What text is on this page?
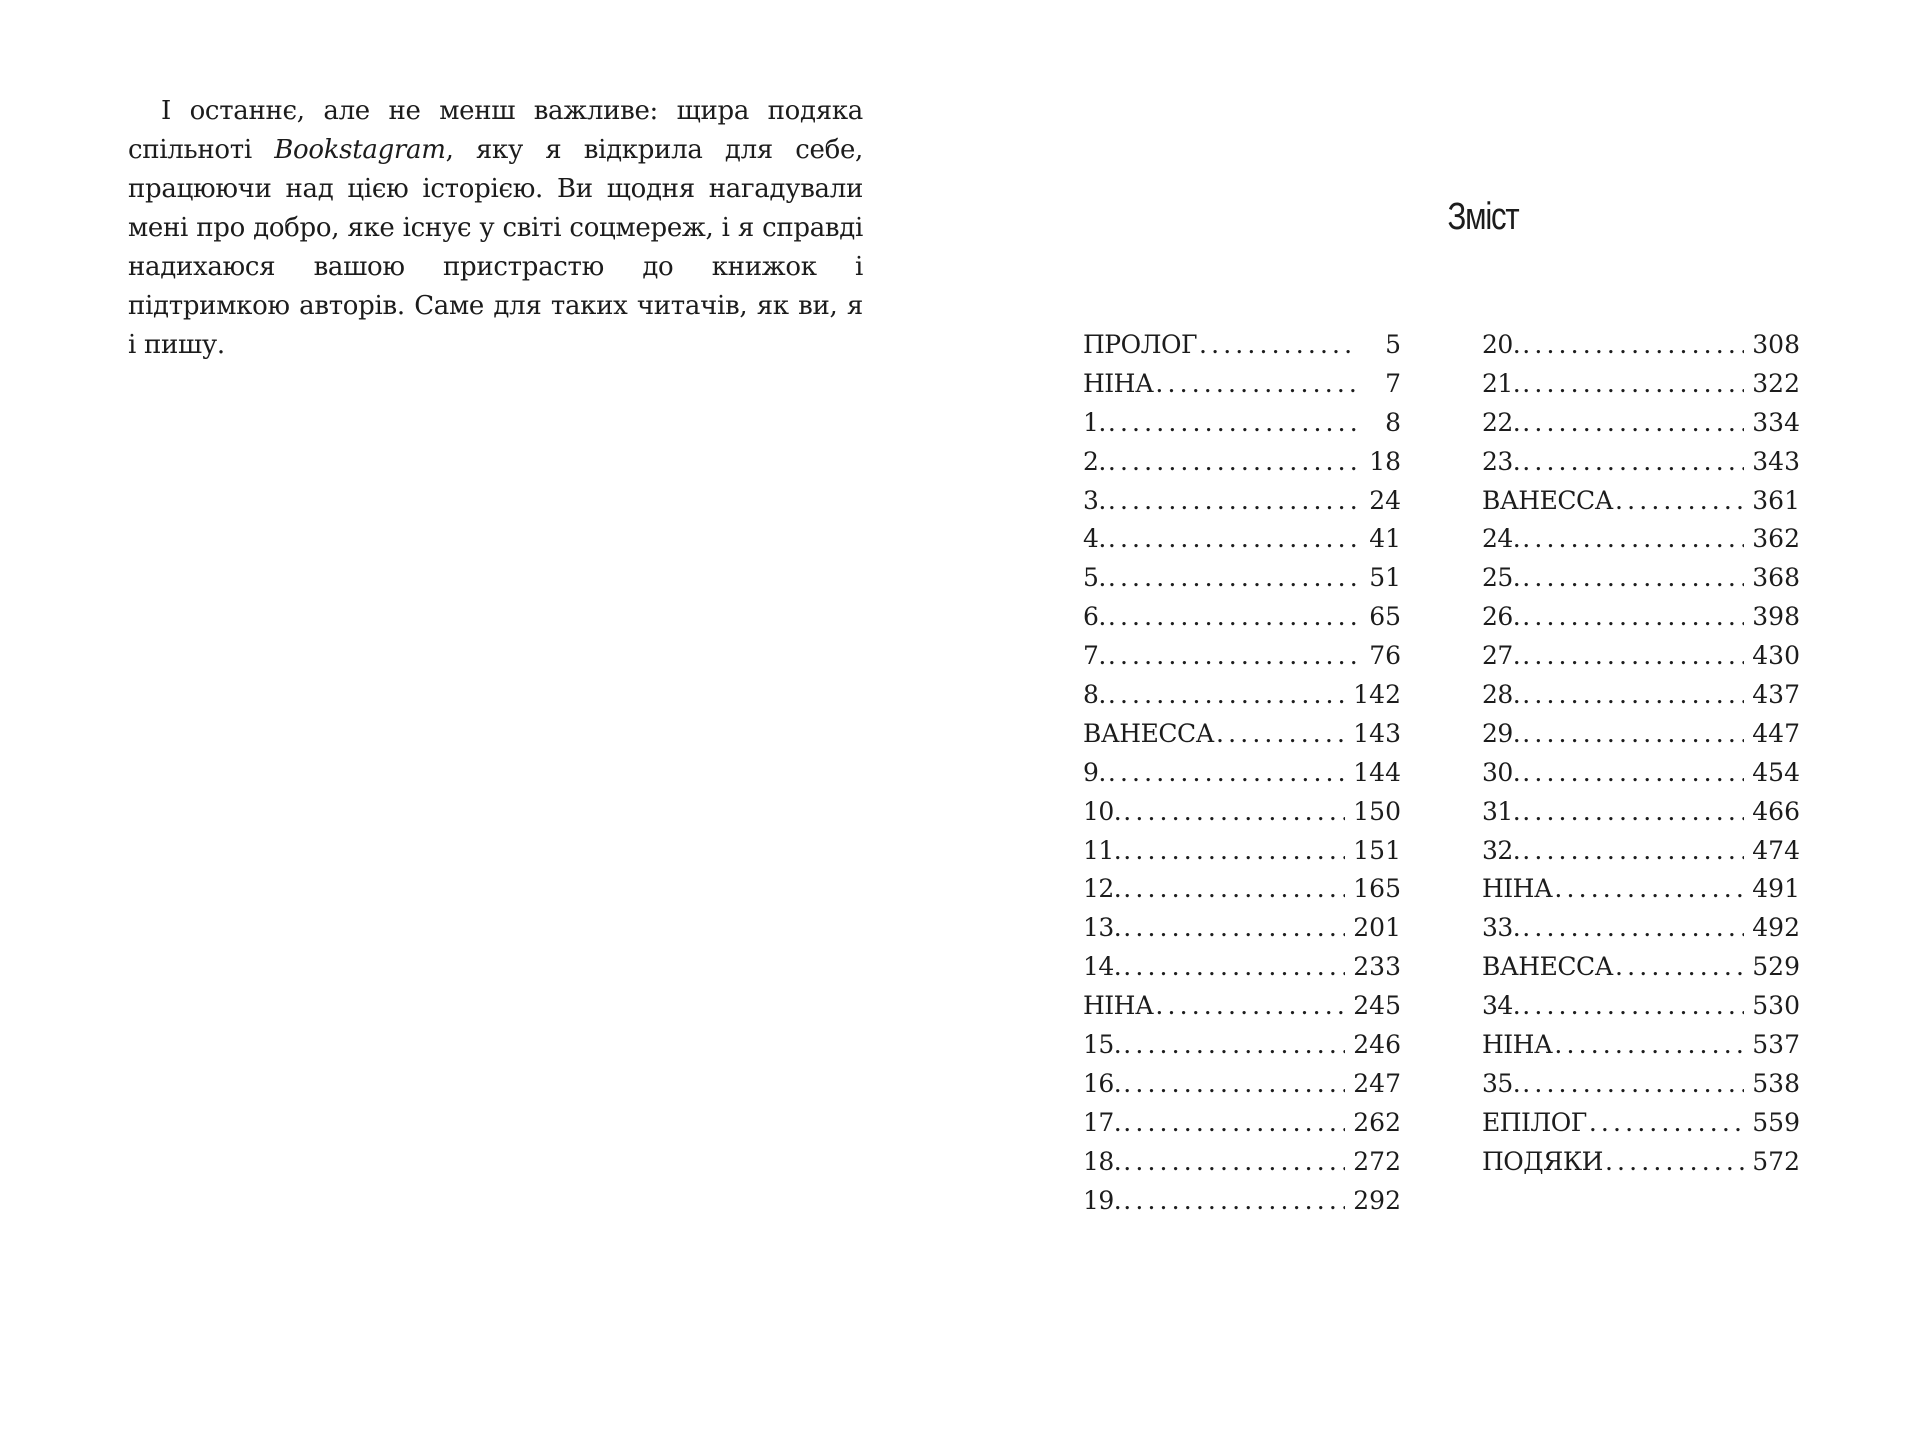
І останнє, але не менш важливе: щира подяка спільноті Bookstagram, яку я відкрила для себе, працюючи над цією історією. Ви щодня нагадували мені про добро, яке існує у світі соцмереж, і я справді надихаюся вашою пристрастю до книжок і підтримкою авторів. Саме для таких читачів, як ви, я і пишу.

Зміст
ПРОЛОГ . . .	5
НІНА . . .	7
1. . . .	8
2. . . .	18
3. . . .	24
4. . . .	41
5. . . .	51
6. . . .	65
7. . . .	76
8. . . .	142
ВАНЕССА . . .	143
9. . . .	144
10. . . .	150
11. . . .	151
12. . . .	165
13. . . .	201
14. . . .	233
НІНА . . .	245
15. . . .	246
16. . . .	247
17. . . .	262
18. . . .	272
19. . . .	292
20. . . .	308
21. . . .	322
22. . . .	334
23. . . .	343
ВАНЕССА . . .	361
24. . . .	362
25. . . .	368
26. . . .	398
27. . . .	430
28. . . .	437
29. . . .	447
30. . . .	454
31. . . .	466
32. . . .	474
НІНА . . .	491
33. . . .	492
ВАНЕССА . . .	529
34. . . .	530
НІНА . . .	537
35. . . .	538
ЕПІЛОГ . . .	559
ПОДЯКИ . . .	572
